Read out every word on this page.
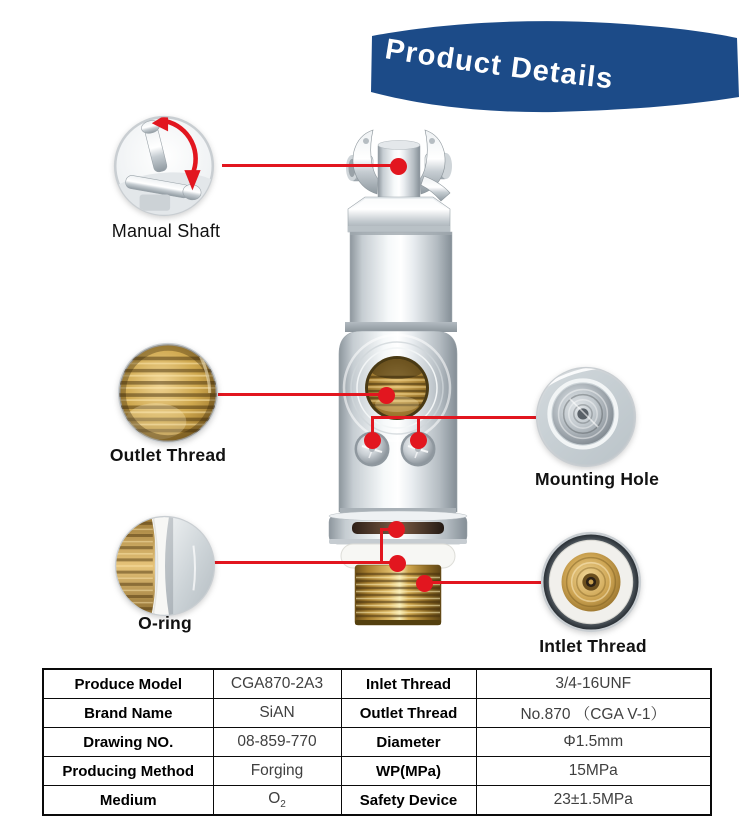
Product Details
Manual Shaft
Outlet Thread
Mounting Hole
O-ring
Intlet Thread
Produce Model	CGA870-2A3	Inlet Thread	3/4-16UNF
Brand Name	SiAN	Outlet Thread	No.870 （CGA V-1）
Drawing NO.	08-859-770	Diameter	Φ1.5mm
Producing Method	Forging	WP(MPa)	15MPa
Medium	$O_2$	Safety Device	23±1.5MPa
